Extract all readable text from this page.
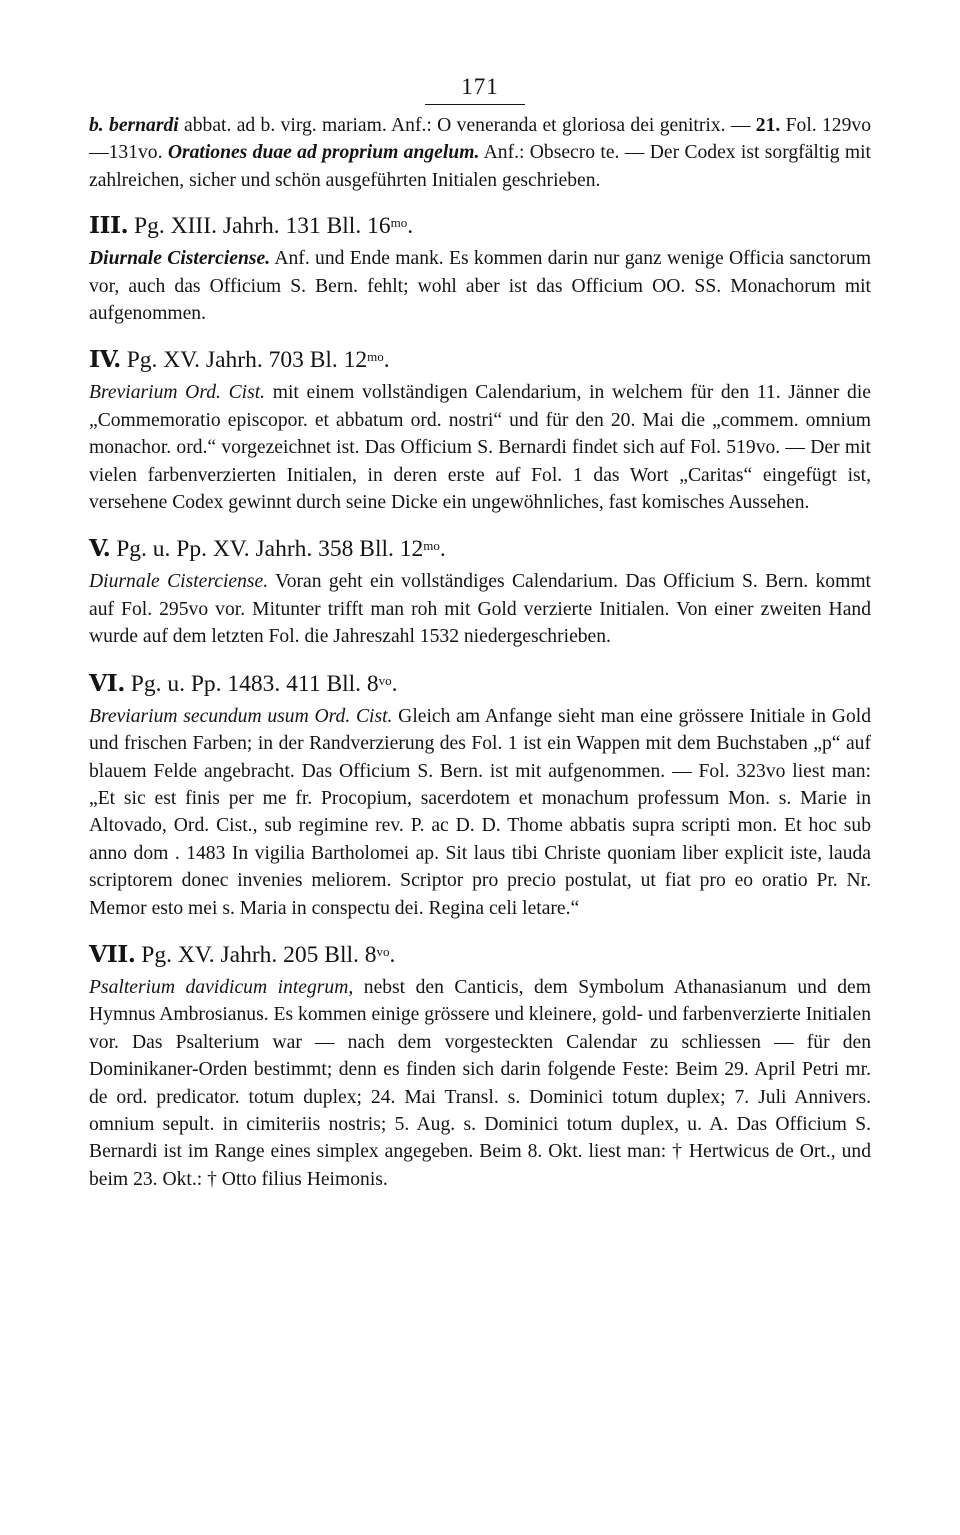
171

b. bernardi abbat. ad b. virg. mariam. Anf.: O veneranda et gloriosa dei genitrix. — 21. Fol. 129vo—131vo. Orationes duae ad proprium angelum. Anf.: Obsecro te. — Der Codex ist sorgfältig mit zahlreichen, sicher und schön ausgeführten Initialen geschrieben.

III. Pg. XIII. Jahrh. 131 Bll. $16^{mo}$.

Diurnale Cisterciense. Anf. und Ende mank. Es kommen darin nur ganz wenige Officia sanctorum vor, auch das Officium S. Bern. fehlt; wohl aber ist das Officium OO. SS. Monachorum mit aufgenommen.

IV. Pg. XV. Jahrh. 703 Bl. $12^{mo}$.

Breviarium Ord. Cist. mit einem vollständigen Calendarium, in welchem für den 11. Jänner die „Commemoratio episcopor. et abbatum ord. nostri“ und für den 20. Mai die „commem. omnium monachor. ord.“ vorgezeichnet ist. Das Officium S. Bernardi findet sich auf Fol. 519vo. — Der mit vielen farbenverzierten Initialen, in deren erste auf Fol. 1 das Wort „Caritas“ eingefügt ist, versehene Codex gewinnt durch seine Dicke ein ungewöhnliches, fast komisches Aussehen.

V. Pg. u. Pp. XV. Jahrh. 358 Bll. $12^{mo}$.

Diurnale Cisterciense. Voran geht ein vollständiges Calendarium. Das Officium S. Bern. kommt auf Fol. 295vo vor. Mitunter trifft man roh mit Gold verzierte Initialen. Von einer zweiten Hand wurde auf dem letzten Fol. die Jahreszahl 1532 niedergeschrieben.

VI. Pg. u. Pp. 1483. 411 Bll. $8^{vo}$.

Breviarium secundum usum Ord. Cist. Gleich am Anfange sieht man eine grössere Initiale in Gold und frischen Farben; in der Randverzierung des Fol. 1 ist ein Wappen mit dem Buchstaben „p“ auf blauem Felde angebracht. Das Officium S. Bern. ist mit aufgenommen. — Fol. 323vo liest man: „Et sic est finis per me fr. Procopium, sacerdotem et monachum professum Mon. s. Marie in Altovado, Ord. Cist., sub regimine rev. P. ac D. D. Thome abbatis supra scripti mon. Et hoc sub anno dom . 1483 In vigilia Bartholomei ap. Sit laus tibi Christe quoniam liber explicit iste, lauda scriptorem donec invenies meliorem. Scriptor pro precio postulat, ut fiat pro eo oratio Pr. Nr. Memor esto mei s. Maria in conspectu dei. Regina celi letare.“

VII. Pg. XV. Jahrh. 205 Bll. $8^{vo}$.

Psalterium davidicum integrum, nebst den Canticis, dem Symbolum Athanasianum und dem Hymnus Ambrosianus. Es kommen einige grössere und kleinere, gold- und farbenverzierte Initialen vor. Das Psalterium war — nach dem vorgesteckten Calendar zu schliessen — für den Dominikaner-Orden bestimmt; denn es finden sich darin folgende Feste: Beim 29. April Petri mr. de ord. predicator. totum duplex; 24. Mai Transl. s. Dominici totum duplex; 7. Juli Annivers. omnium sepult. in cimiteriis nostris; 5. Aug. s. Dominici totum duplex, u. A. Das Officium S. Bernardi ist im Range eines simplex angegeben. Beim 8. Okt. liest man: † Hertwicus de Ort., und beim 23. Okt.: † Otto filius Heimonis.
